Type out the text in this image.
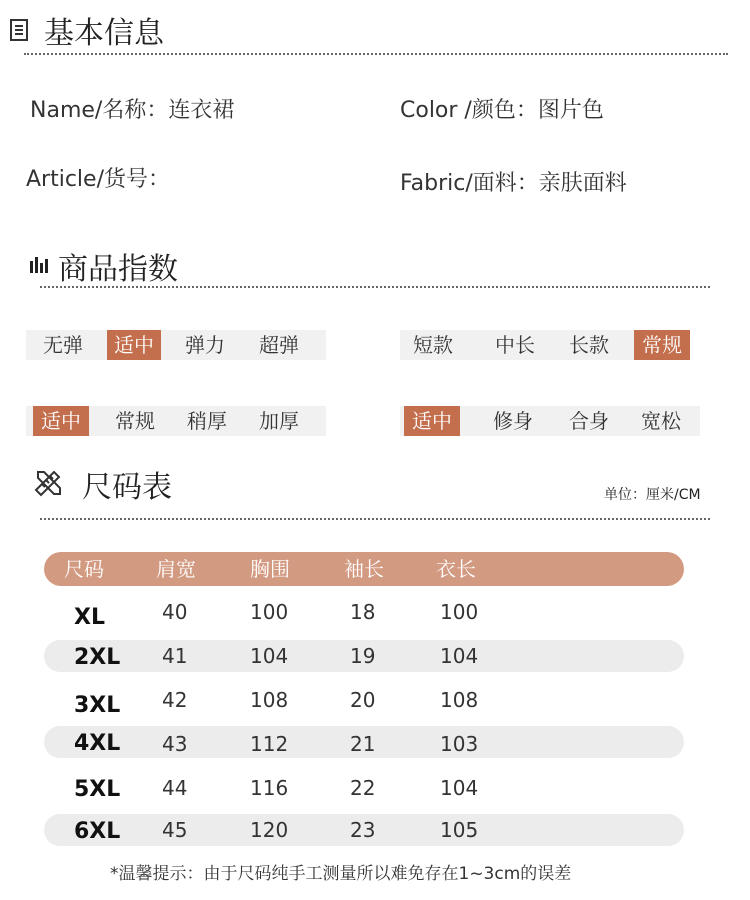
基本信息
Name/名称：连衣裙	Color /颜色：图片色
Article/货号：	Fabric/面料：亲肤面料
商品指数
无弹	适中	弹力	超弹	短款	中长	长款	常规
适中	常规	稍厚	加厚	适中	修身	合身	宽松
尺码表	单位：厘米/CM
尺码	肩宽	胸围	袖长	衣长
XL	40	100	18	100
2XL	41	104	19	104
3XL	42	108	20	108
4XL	43	112	21	103
5XL	44	116	22	104
6XL	45	120	23	105
*温馨提示：由于尺码纯手工测量所以难免存在1~3cm的误差
